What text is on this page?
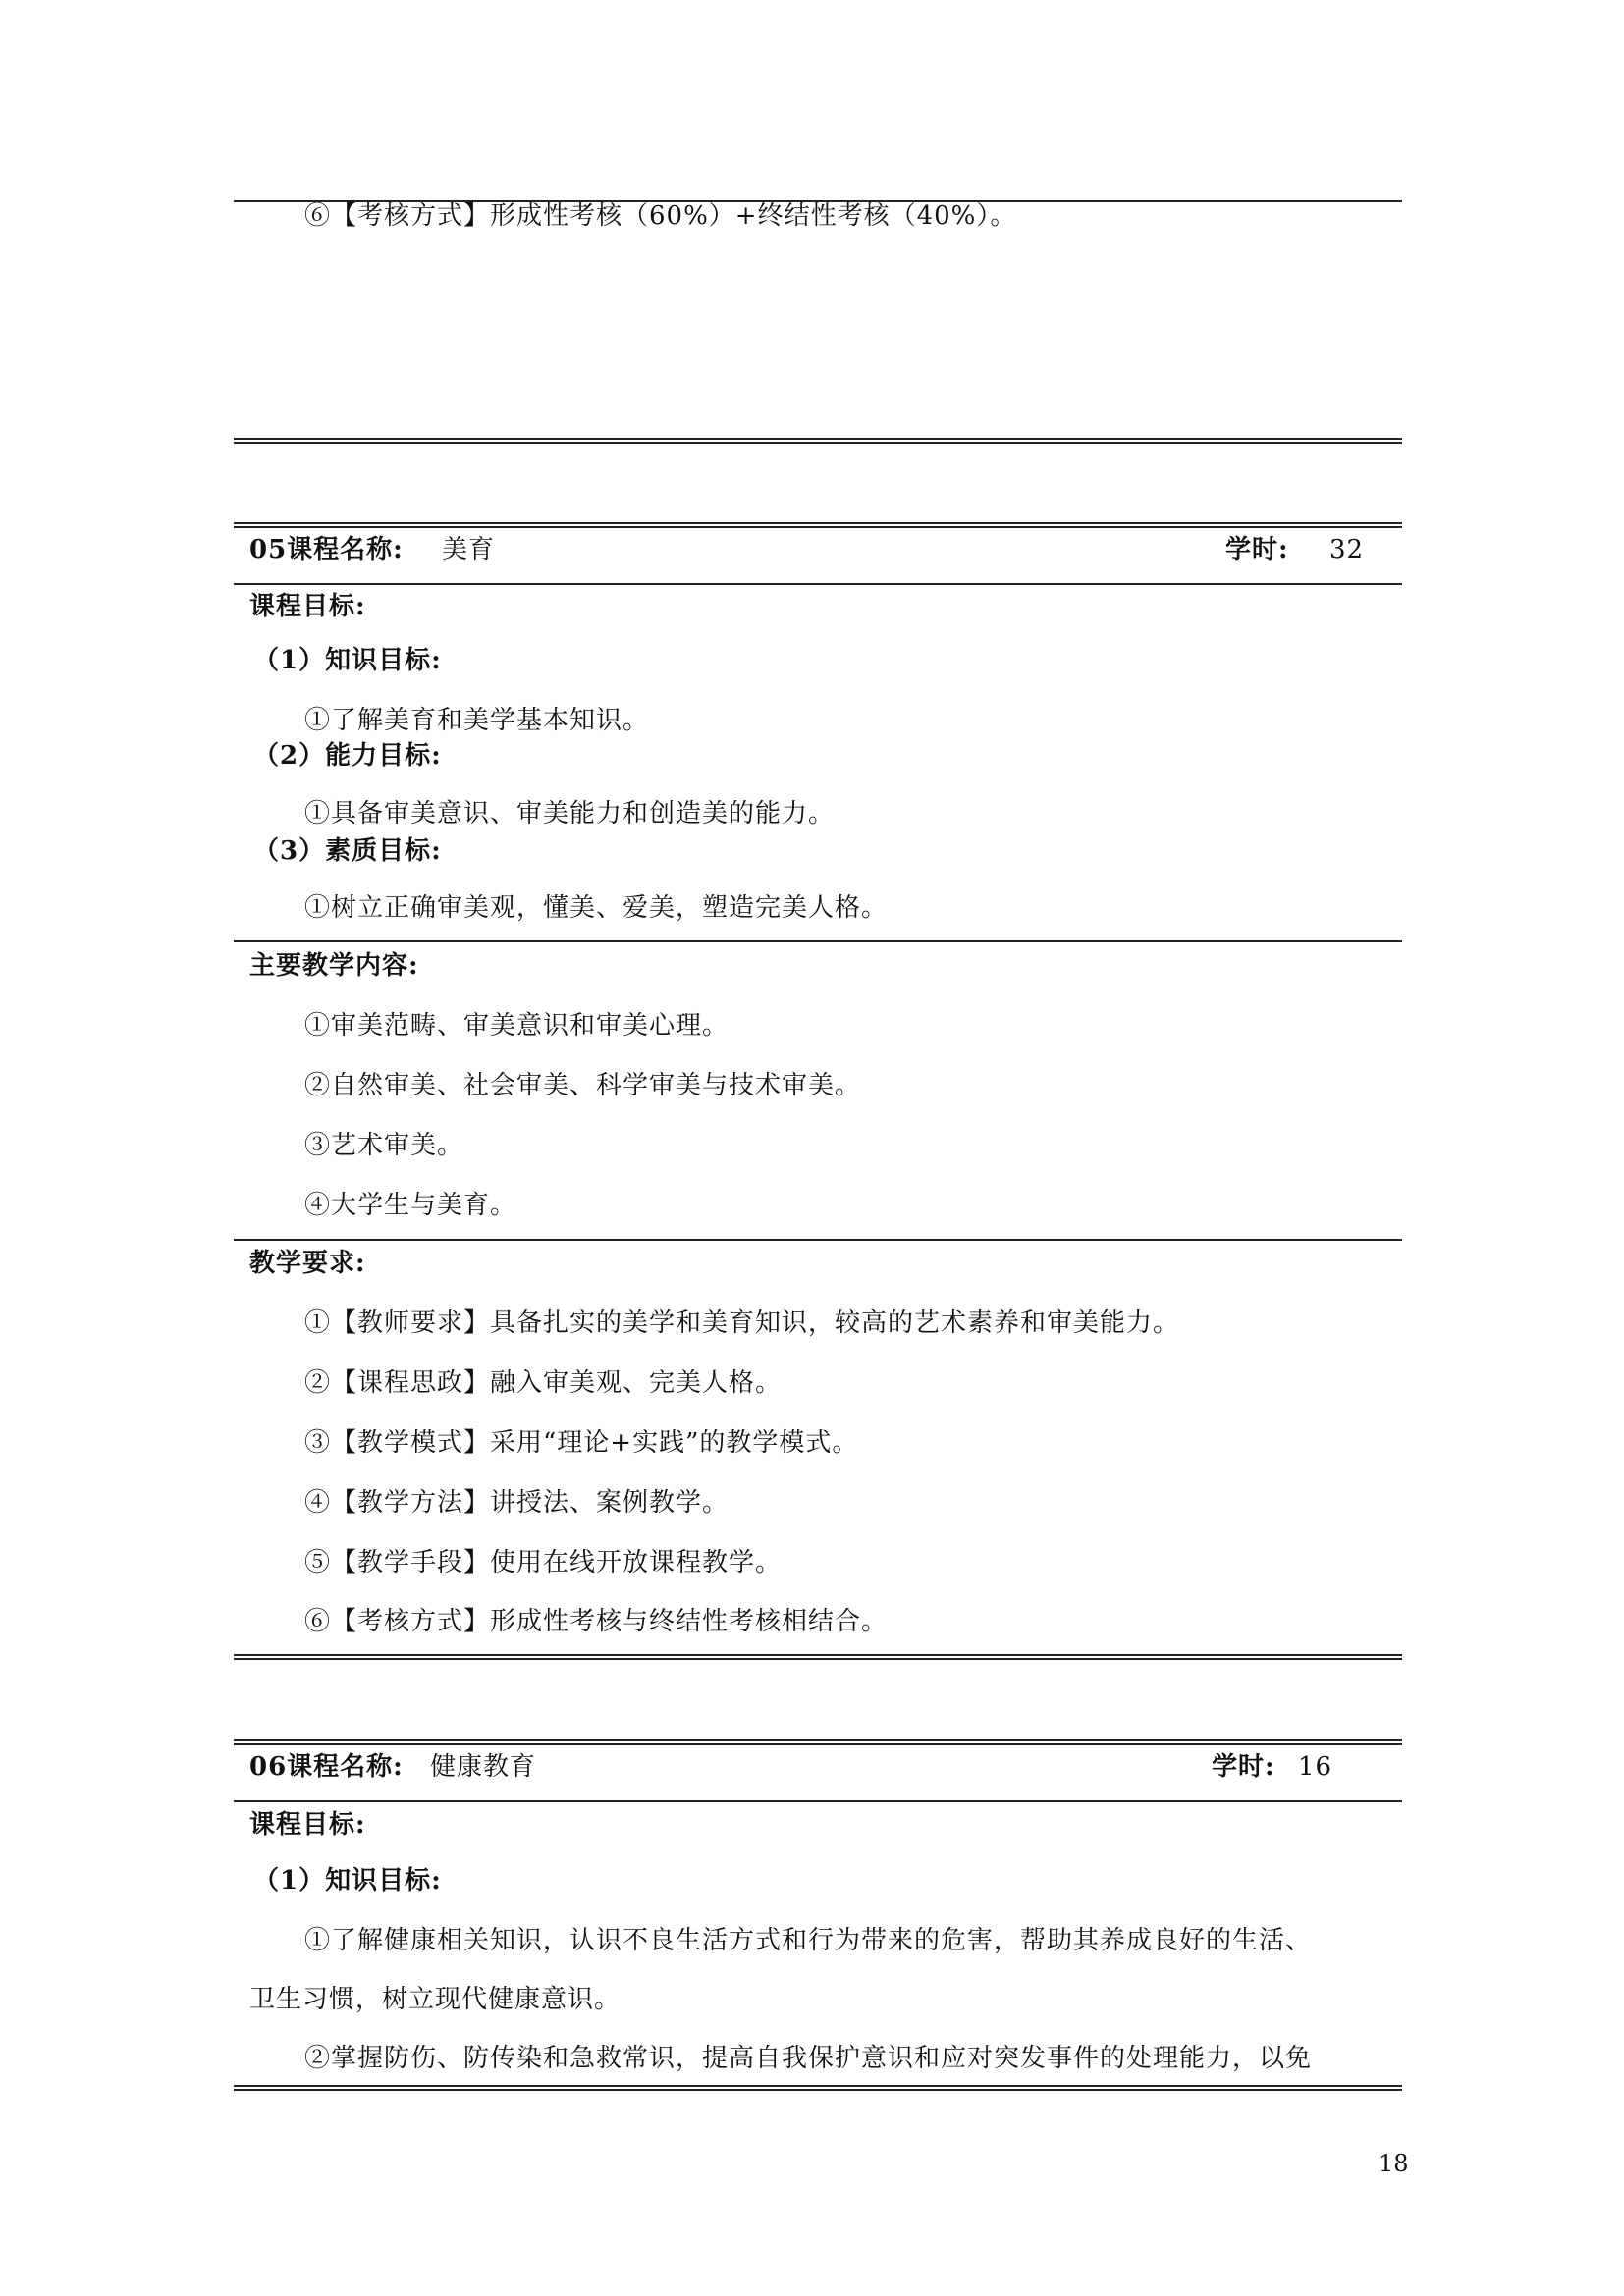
⑥【考核方式】形成性考核（60%）+终结性考核（40%）。
05课程名称: 美育	学时: 32
课程目标:
（1）知识目标:
①了解美育和美学基本知识。
（2）能力目标:
①具备审美意识、审美能力和创造美的能力。
（3）素质目标:
①树立正确审美观，懂美、爱美，塑造完美人格。
主要教学内容:
①审美范畴、审美意识和审美心理。
②自然审美、社会审美、科学审美与技术审美。
③艺术审美。
④大学生与美育。
教学要求:
①【教师要求】具备扎实的美学和美育知识，较高的艺术素养和审美能力。
②【课程思政】融入审美观、完美人格。
③【教学模式】采用“理论+实践”的教学模式。
④【教学方法】讲授法、案例教学。
⑤【教学手段】使用在线开放课程教学。
⑥【考核方式】形成性考核与终结性考核相结合。
06课程名称: 健康教育	学时: 16
课程目标:
（1）知识目标:
①了解健康相关知识，认识不良生活方式和行为带来的危害，帮助其养成良好的生活、
卫生习惯，树立现代健康意识。
②掌握防伤、防传染和急救常识，提高自我保护意识和应对突发事件的处理能力，以免
18
